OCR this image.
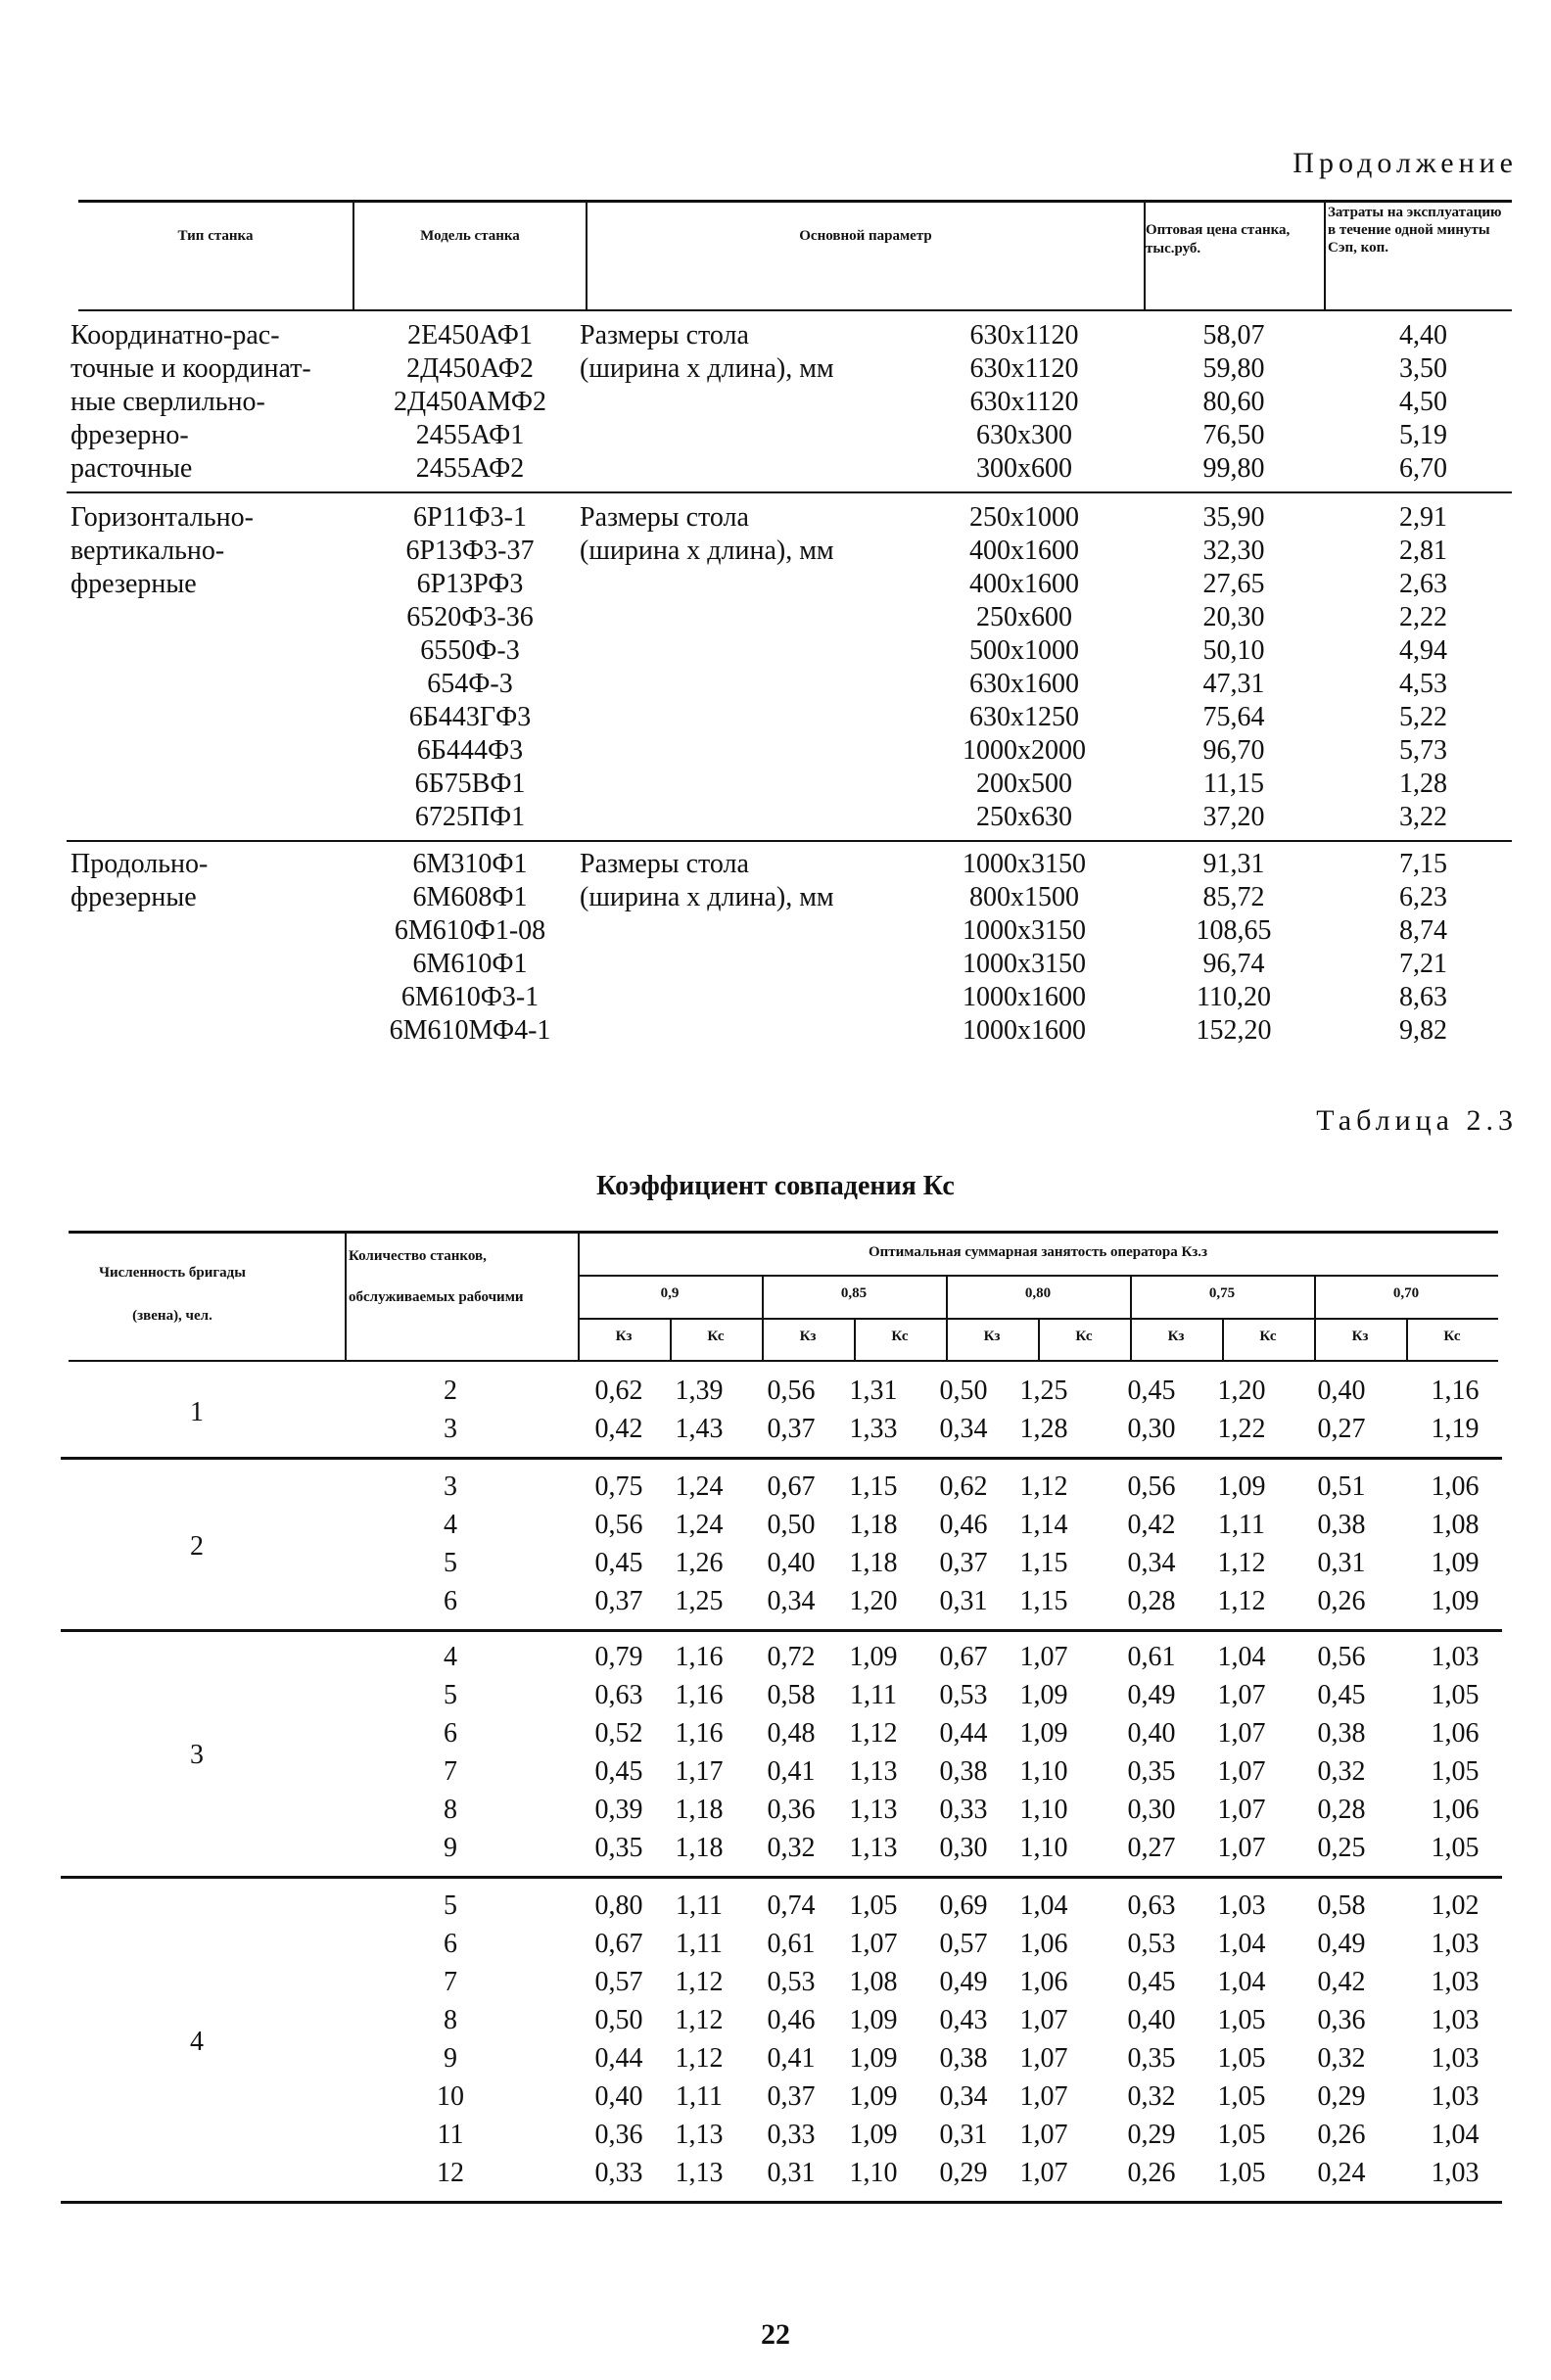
Продолжение
Тип станка	Модель станка	Основной параметр	Оптовая цена станка, тыс.руб.
Затраты на эксплуатацию в течение одной минуты Сэп, коп.
Координатно-рас-
точные и координат-
ные сверлильно-
фрезерно-
расточные
Размеры стола
(ширина х длина), мм
2Е450АФ1	630х1120	58,07	4,40
2Д450АФ2	630х1120	59,80	3,50
2Д450АМФ2	630х1120	80,60	4,50
2455АФ1	630х300	76,50	5,19
2455АФ2	300х600	99,80	6,70
Горизонтально-
вертикально-
фрезерные
Размеры стола
(ширина х длина), мм
6Р11Ф3-1	250х1000	35,90	2,91
6Р13Ф3-37	400х1600	32,30	2,81
6Р13РФ3	400х1600	27,65	2,63
6520Ф3-36	250х600	20,30	2,22
6550Ф-3	500х1000	50,10	4,94
654Ф-3	630х1600	47,31	4,53
6Б443ГФ3	630х1250	75,64	5,22
6Б444Ф3	1000х2000	96,70	5,73
6Б75ВФ1	200х500	11,15	1,28
6725ПФ1	250х630	37,20	3,22
Продольно-
фрезерные
Размеры стола
(ширина х длина), мм
6М310Ф1	1000х3150	91,31	7,15
6М608Ф1	800х1500	85,72	6,23
6М610Ф1-08	1000х3150	108,65	8,74
6М610Ф1	1000х3150	96,74	7,21
6М610Ф3-1	1000х1600	110,20	8,63
6М610МФ4-1	1000х1600	152,20	9,82
Таблица 2.3
Коэффициент совпадения Кс
Численность бригады (звена), чел.
Количество станков, обслуживаемых рабочими
Оптимальная суммарная занятость оператора Кз.з
0,9
Кз	Кс
0,85
Кз	Кс
0,80
Кз	Кс
0,75
Кз	Кс
0,70
Кз	Кс
1
2	0,62 1,39 0,56 1,31 0,50 1,25 0,45 1,20 0,40 1,16
3	0,42 1,43 0,37 1,33 0,34 1,28 0,30 1,22 0,27 1,19
2
3	0,75 1,24 0,67 1,15 0,62 1,12 0,56 1,09 0,51 1,06
4	0,56 1,24 0,50 1,18 0,46 1,14 0,42 1,11 0,38 1,08
5	0,45 1,26 0,40 1,18 0,37 1,15 0,34 1,12 0,31 1,09
6	0,37 1,25 0,34 1,20 0,31 1,15 0,28 1,12 0,26 1,09
3
4	0,79 1,16 0,72 1,09 0,67 1,07 0,61 1,04 0,56 1,03
5	0,63 1,16 0,58 1,11 0,53 1,09 0,49 1,07 0,45 1,05
6	0,52 1,16 0,48 1,12 0,44 1,09 0,40 1,07 0,38 1,06
7	0,45 1,17 0,41 1,13 0,38 1,10 0,35 1,07 0,32 1,05
8	0,39 1,18 0,36 1,13 0,33 1,10 0,30 1,07 0,28 1,06
9	0,35 1,18 0,32 1,13 0,30 1,10 0,27 1,07 0,25 1,05
4
5	0,80 1,11 0,74 1,05 0,69 1,04 0,63 1,03 0,58 1,02
6	0,67 1,11 0,61 1,07 0,57 1,06 0,53 1,04 0,49 1,03
7	0,57 1,12 0,53 1,08 0,49 1,06 0,45 1,04 0,42 1,03
8	0,50 1,12 0,46 1,09 0,43 1,07 0,40 1,05 0,36 1,03
9	0,44 1,12 0,41 1,09 0,38 1,07 0,35 1,05 0,32 1,03
10	0,40 1,11 0,37 1,09 0,34 1,07 0,32 1,05 0,29 1,03
11	0,36 1,13 0,33 1,09 0,31 1,07 0,29 1,05 0,26 1,04
12	0,33 1,13 0,31 1,10 0,29 1,07 0,26 1,05 0,24 1,03
22
